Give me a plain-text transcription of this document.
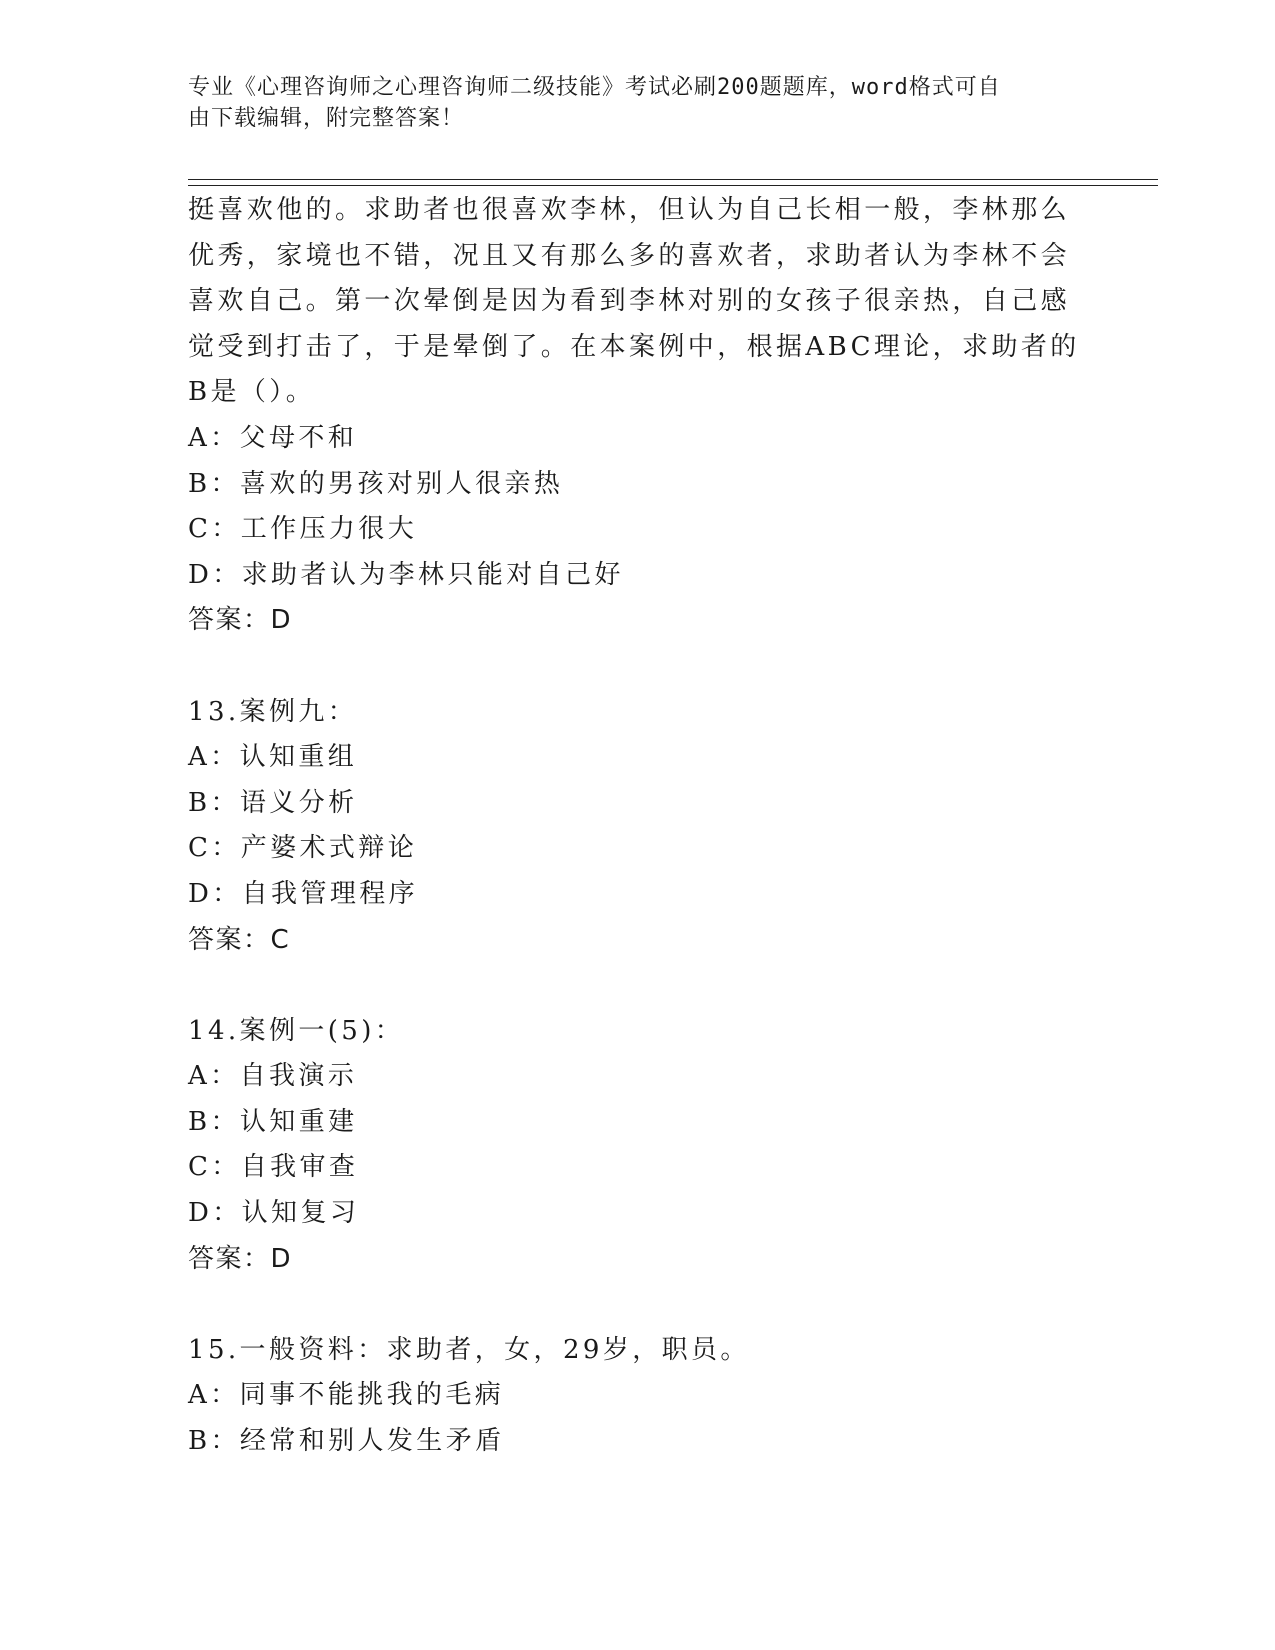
专业《心理咨询师之心理咨询师二级技能》考试必刷200题题库，word格式可自
由下载编辑，附完整答案！
挺喜欢他的。求助者也很喜欢李林，但认为自己长相一般，李林那么
优秀，家境也不错，况且又有那么多的喜欢者，求助者认为李林不会
喜欢自己。第一次晕倒是因为看到李林对别的女孩子很亲热，自己感
觉受到打击了，于是晕倒了。在本案例中，根据ABC理论，求助者的
B是（）。
A：父母不和
B：喜欢的男孩对别人很亲热
C：工作压力很大
D：求助者认为李林只能对自己好
答案：D
13.案例九：
A：认知重组
B：语义分析
C：产婆术式辩论
D：自我管理程序
答案：C
14.案例一(5)：
A：自我演示
B：认知重建
C：自我审查
D：认知复习
答案：D
15.一般资料：求助者，女，29岁，职员。
A：同事不能挑我的毛病
B：经常和别人发生矛盾
